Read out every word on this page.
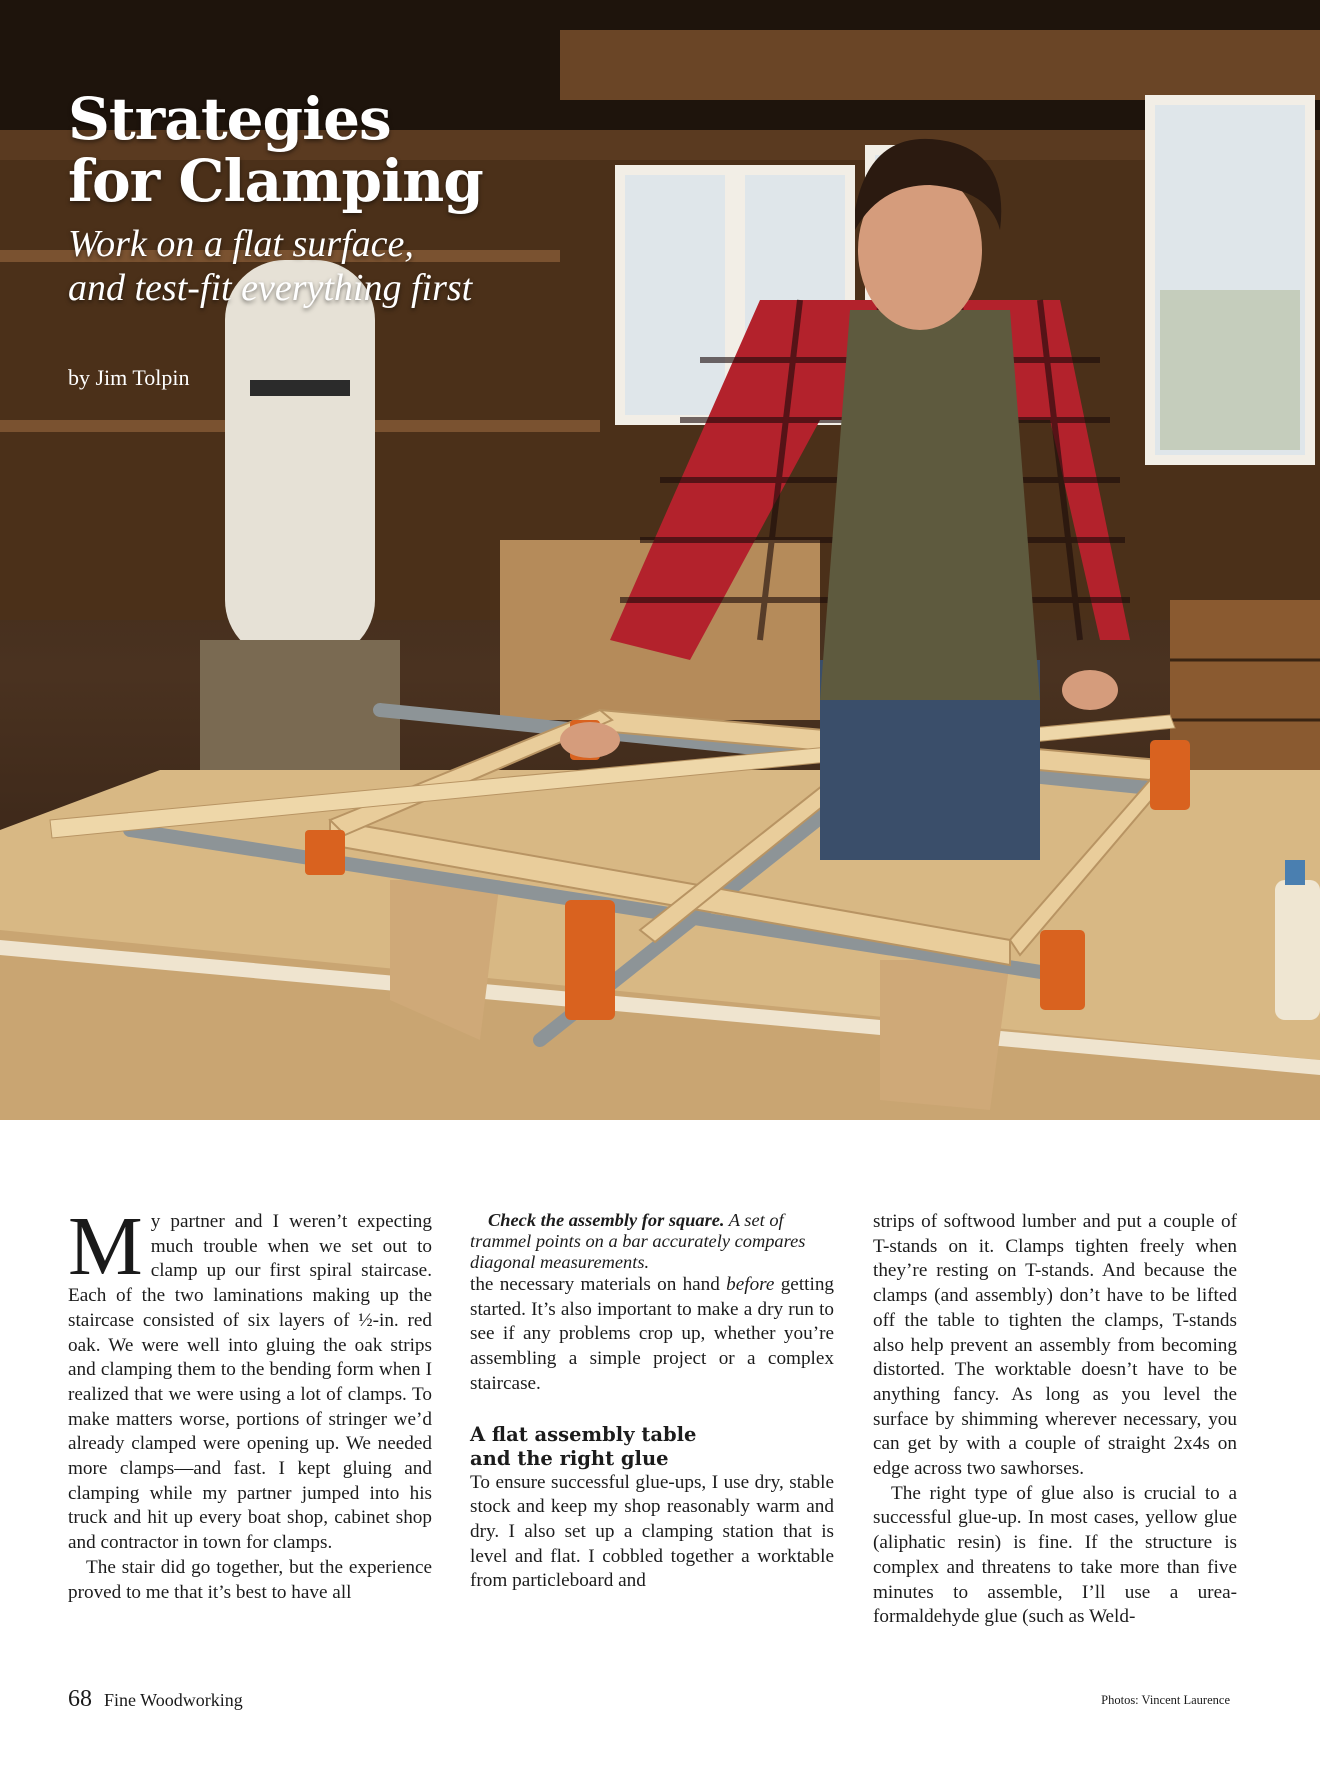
Strategies
for Clamping
Work on a flat surface,
and test-fit everything first
by Jim Tolpin

My partner and I weren’t expecting much trouble when we set out to clamp up our first spiral staircase. Each of the two laminations making up the staircase consisted of six layers of ½-in. red oak. We were well into gluing the oak strips and clamping them to the bending form when I realized that we were using a lot of clamps. To make matters worse, portions of stringer we’d already clamped were opening up. We needed more clamps—and fast. I kept gluing and clamping while my partner jumped into his truck and hit up every boat shop, cabinet shop and contractor in town for clamps.

The stair did go together, but the experience proved to me that it’s best to have all

Check the assembly for square. A set of trammel points on a bar accurately compares diagonal measurements.

the necessary materials on hand before getting started. It’s also important to make a dry run to see if any problems crop up, whether you’re assembling a simple project or a complex staircase.

A flat assembly table
and the right glue

To ensure successful glue-ups, I use dry, stable stock and keep my shop reasonably warm and dry. I also set up a clamping station that is level and flat. I cobbled together a worktable from particleboard and

strips of softwood lumber and put a couple of T-stands on it. Clamps tighten freely when they’re resting on T-stands. And because the clamps (and assembly) don’t have to be lifted off the table to tighten the clamps, T-stands also help prevent an assembly from becoming distorted. The worktable doesn’t have to be anything fancy. As long as you level the surface by shimming wherever necessary, you can get by with a couple of straight 2x4s on edge across two sawhorses.

The right type of glue also is crucial to a successful glue-up. In most cases, yellow glue (aliphatic resin) is fine. If the structure is complex and threatens to take more than five minutes to assemble, I’ll use a urea-formaldehyde glue (such as Weld-

68 Fine Woodworking	Photos: Vincent Laurence
